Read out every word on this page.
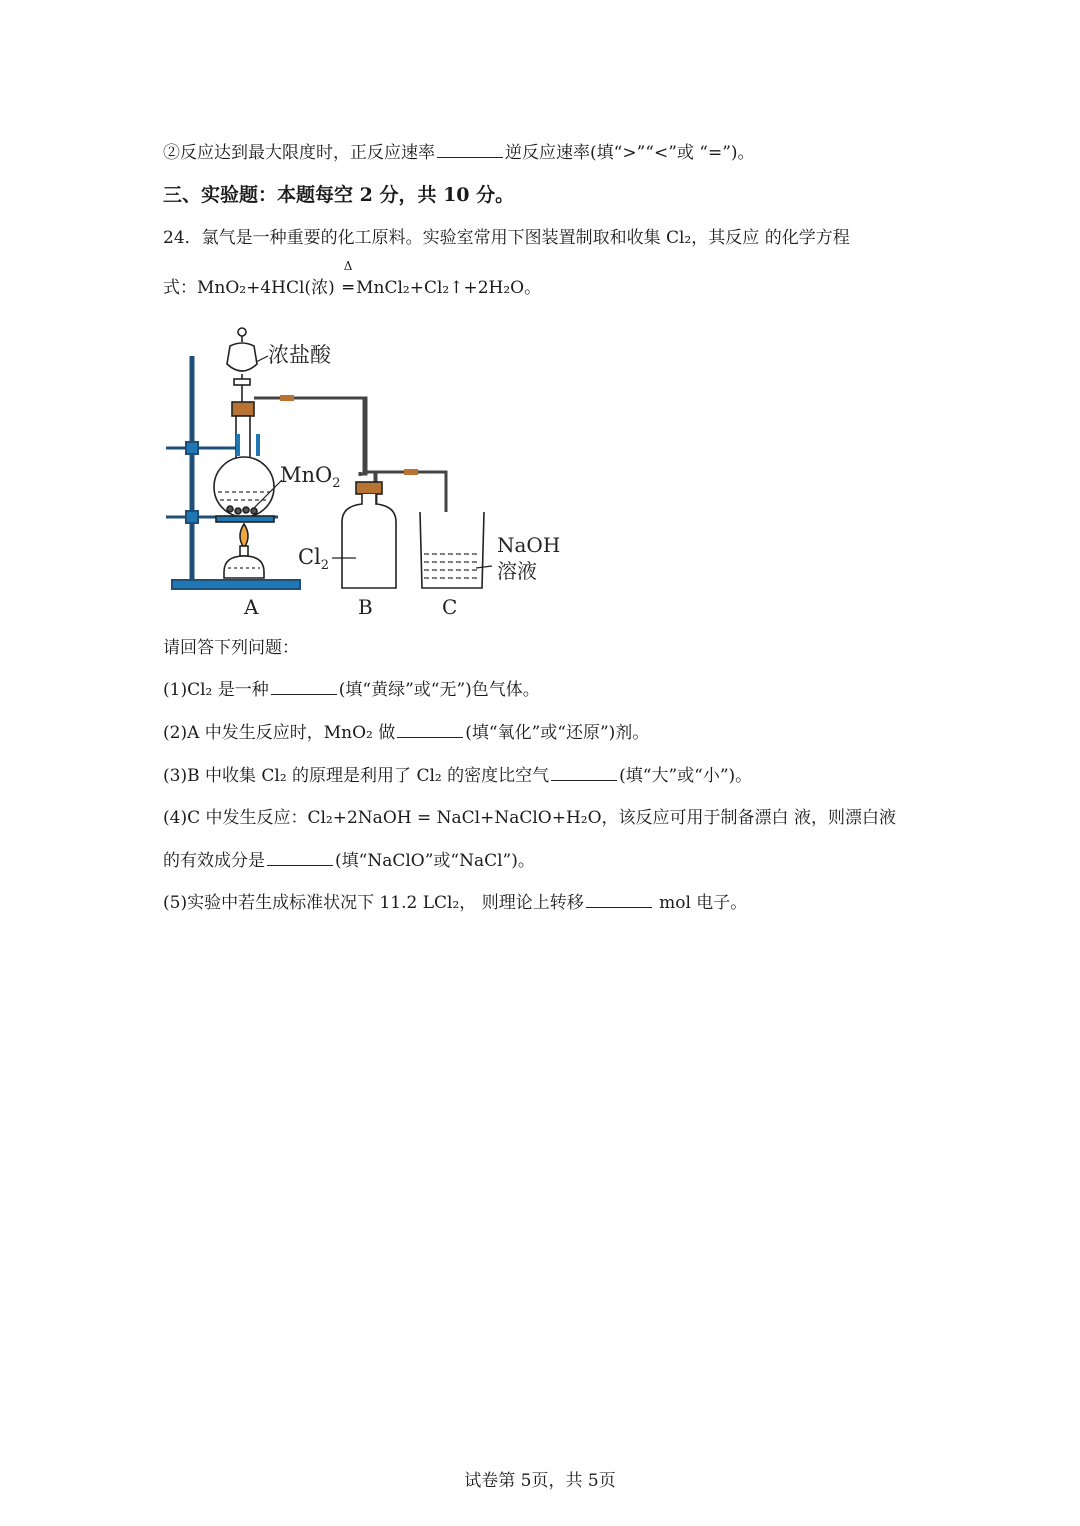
②反应达到最大限度时，正反应速率	逆反应速率(填“>”“<”或 “=”)。
三、实验题：本题每空 2 分，共 10 分。
24．氯气是一种重要的化工原料。实验室常用下图装置制取和收集 Cl₂，其反应 的化学方程
式：MnO₂+4HCl(浓)
Δ
═ MnCl₂+Cl₂↑+2H₂O。
浓盐酸
MnO$_2$
$Cl_2$
NaOH
溶液
A	B	C
请回答下列问题：
(1)Cl₂ 是一种	(填“黄绿”或“无”)色气体。
(2)A 中发生反应时，MnO₂ 做	(填“氧化”或“还原”)剂。
(3)B 中收集 Cl₂ 的原理是利用了 Cl₂ 的密度比空气	(填“大”或“小”)。
(4)C 中发生反应：Cl₂+2NaOH = NaCl+NaClO+H₂O，该反应可用于制备漂白 液，则漂白液
的有效成分是	(填“NaClO”或“NaCl”)。
(5)实验中若生成标准状况下 11.2 LCl₂， 则理论上转移	mol 电子。
试卷第 5页，共 5页
